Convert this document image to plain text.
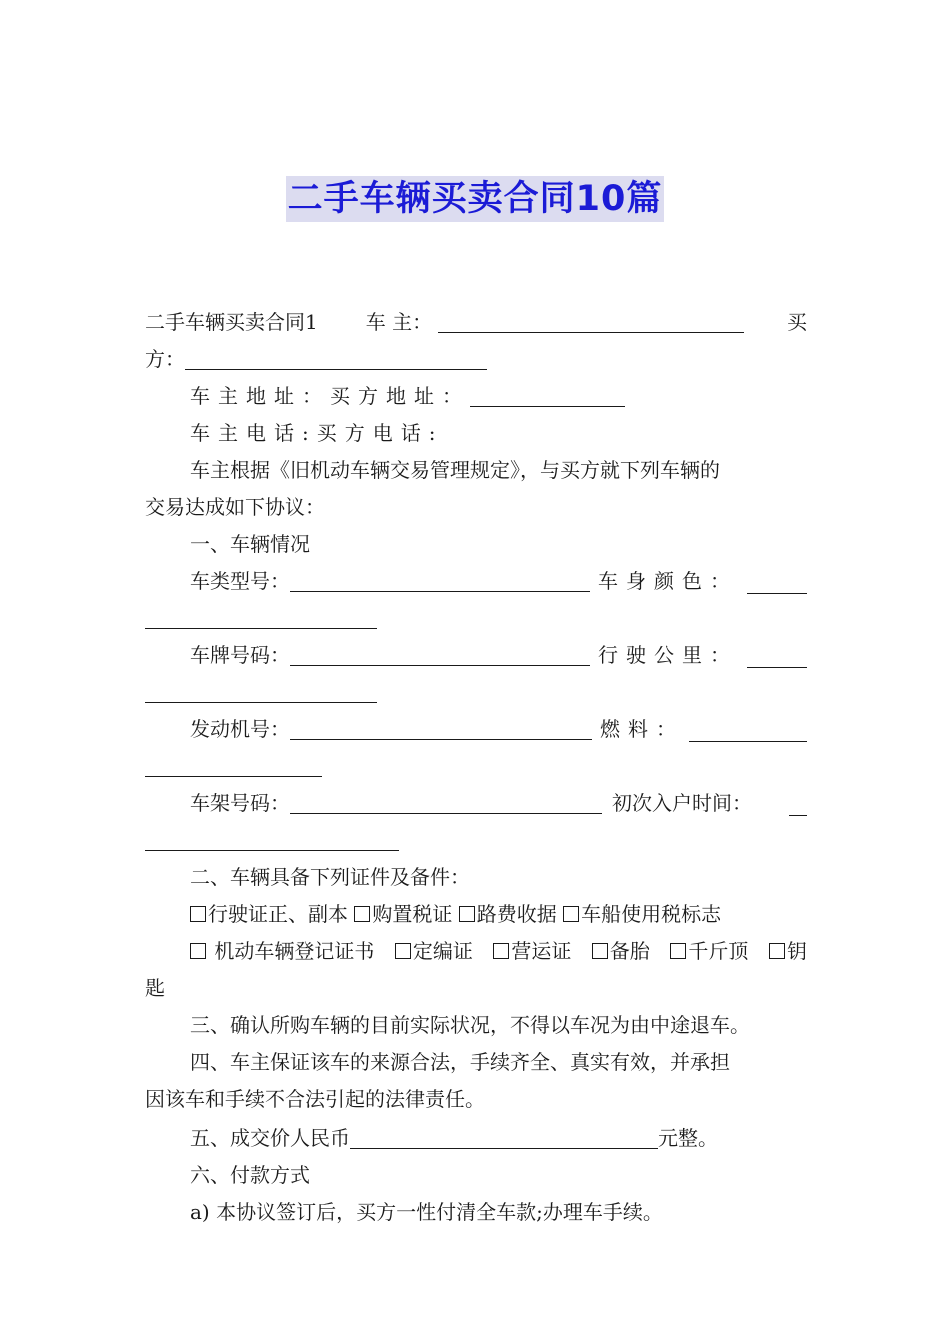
二手车辆买卖合同10篇
二手车辆买卖合同1 车 主：	买
方：
车主地址：买方地址：
车主电话:买方电话:
车主根据《旧机动车辆交易管理规定》，与买方就下列车辆的
交易达成如下协议：
一、车辆情况
车类型号：	车身颜色：
车牌号码：	行驶公里：
发动机号：	燃料：
车架号码：	初次入户时间：
二、车辆具备下列证件及备件：
行驶证正、副本 购置税证 路费收据 车船使用税标志
机动车辆登记证书	定编证	营运证	备胎	千斤顶	钥
匙
三、确认所购车辆的目前实际状况，不得以车况为由中途退车。
四、车主保证该车的来源合法，手续齐全、真实有效，并承担
因该车和手续不合法引起的法律责任。
五、成交价人民币	元整。
六、付款方式
a) 本协议签订后，买方一性付清全车款;办理车手续。
